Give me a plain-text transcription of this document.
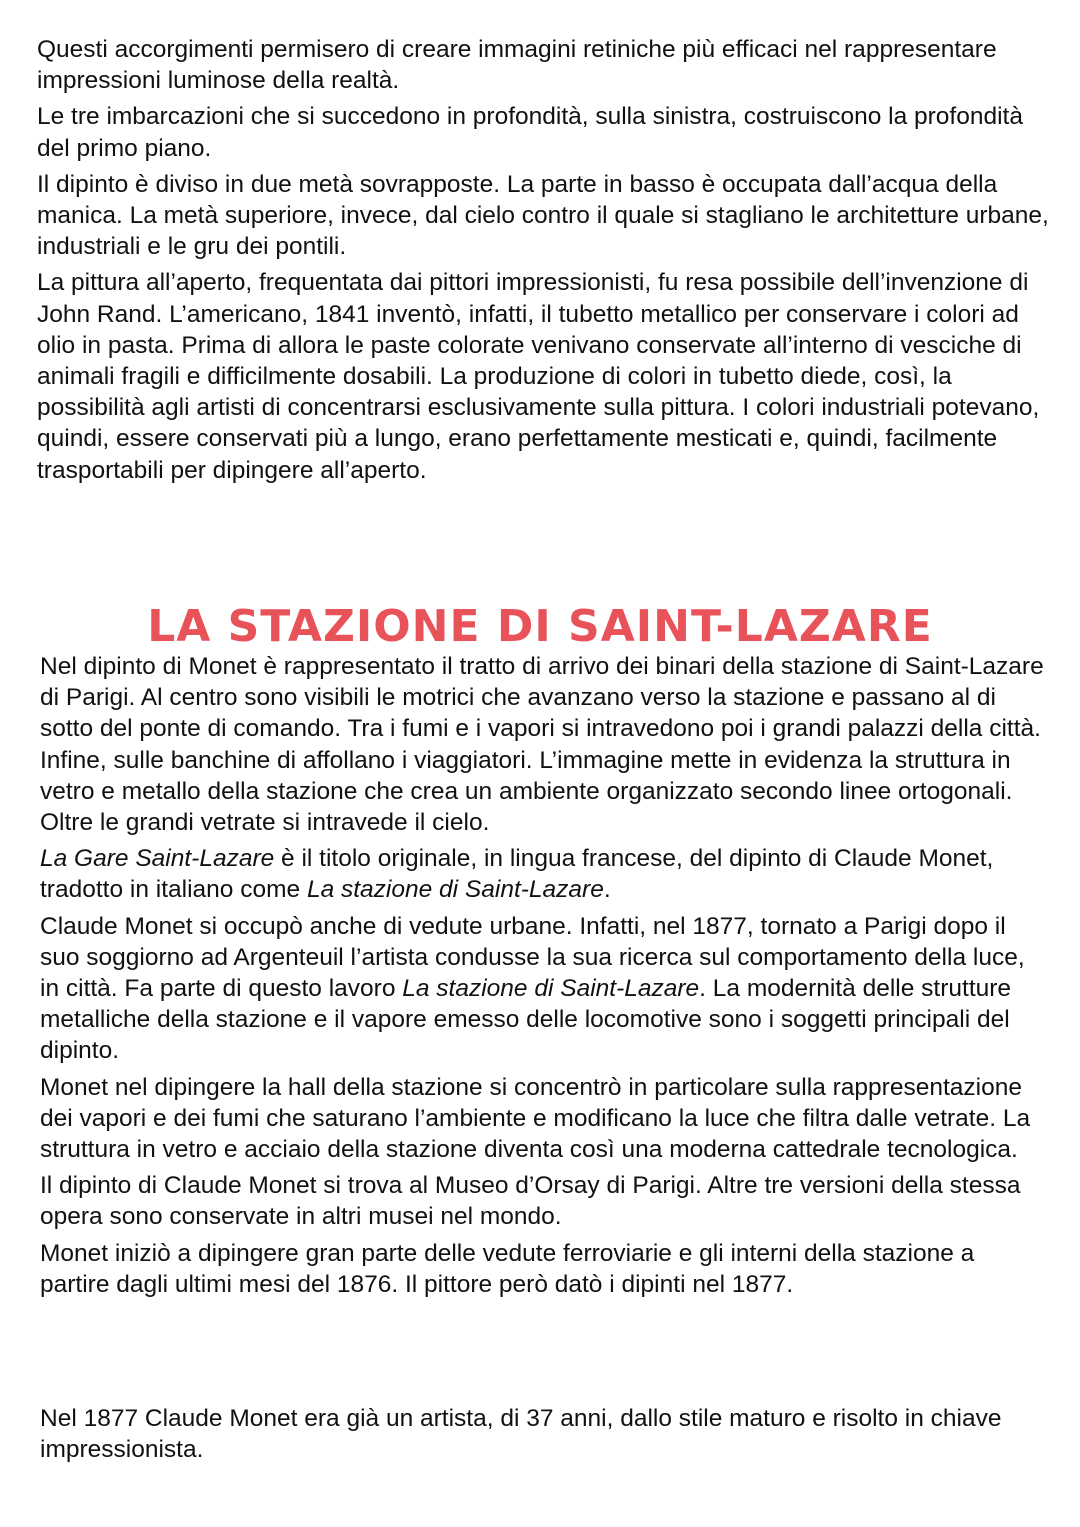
Questi accorgimenti permisero di creare immagini retiniche più efficaci nel rappresentare impressioni luminose della realtà.

Le tre imbarcazioni che si succedono in profondità, sulla sinistra, costruiscono la profondità del primo piano.

Il dipinto è diviso in due metà sovrapposte. La parte in basso è occupata dall’acqua della manica. La metà superiore, invece, dal cielo contro il quale si stagliano le architetture urbane, industriali e le gru dei pontili.

La pittura all’aperto, frequentata dai pittori impressionisti, fu resa possibile dell’invenzione di John Rand. L’americano, 1841 inventò, infatti, il tubetto metallico per conservare i colori ad olio in pasta. Prima di allora le paste colorate venivano conservate all’interno di vesciche di animali fragili e difficilmente dosabili. La produzione di colori in tubetto diede, così, la possibilità agli artisti di concentrarsi esclusivamente sulla pittura. I colori industriali potevano, quindi, essere conservati più a lungo, erano perfettamente mesticati e, quindi, facilmente trasportabili per dipingere all’aperto.

LA STAZIONE DI SAINT-LAZARE

Nel dipinto di Monet è rappresentato il tratto di arrivo dei binari della stazione di Saint-Lazare di Parigi. Al centro sono visibili le motrici che avanzano verso la stazione e passano al di sotto del ponte di comando. Tra i fumi e i vapori si intravedono poi i grandi palazzi della città. Infine, sulle banchine di affollano i viaggiatori. L’immagine mette in evidenza la struttura in vetro e metallo della stazione che crea un ambiente organizzato secondo linee ortogonali. Oltre le grandi vetrate si intravede il cielo.

La Gare Saint-Lazare è il titolo originale, in lingua francese, del dipinto di Claude Monet, tradotto in italiano come La stazione di Saint-Lazare.

Claude Monet si occupò anche di vedute urbane. Infatti, nel 1877, tornato a Parigi dopo il suo soggiorno ad Argenteuil l’artista condusse la sua ricerca sul comportamento della luce, in città. Fa parte di questo lavoro La stazione di Saint-Lazare. La modernità delle strutture metalliche della stazione e il vapore emesso delle locomotive sono i soggetti principali del dipinto.

Monet nel dipingere la hall della stazione si concentrò in particolare sulla rappresentazione dei vapori e dei fumi che saturano l’ambiente e modificano la luce che filtra dalle vetrate. La struttura in vetro e acciaio della stazione diventa così una moderna cattedrale tecnologica.

Il dipinto di Claude Monet si trova al Museo d’Orsay di Parigi. Altre tre versioni della stessa opera sono conservate in altri musei nel mondo.

Monet iniziò a dipingere gran parte delle vedute ferroviarie e gli interni della stazione a partire dagli ultimi mesi del 1876. Il pittore però datò i dipinti nel 1877.

Nel 1877 Claude Monet era già un artista, di 37 anni, dallo stile maturo e risolto in chiave impressionista.
